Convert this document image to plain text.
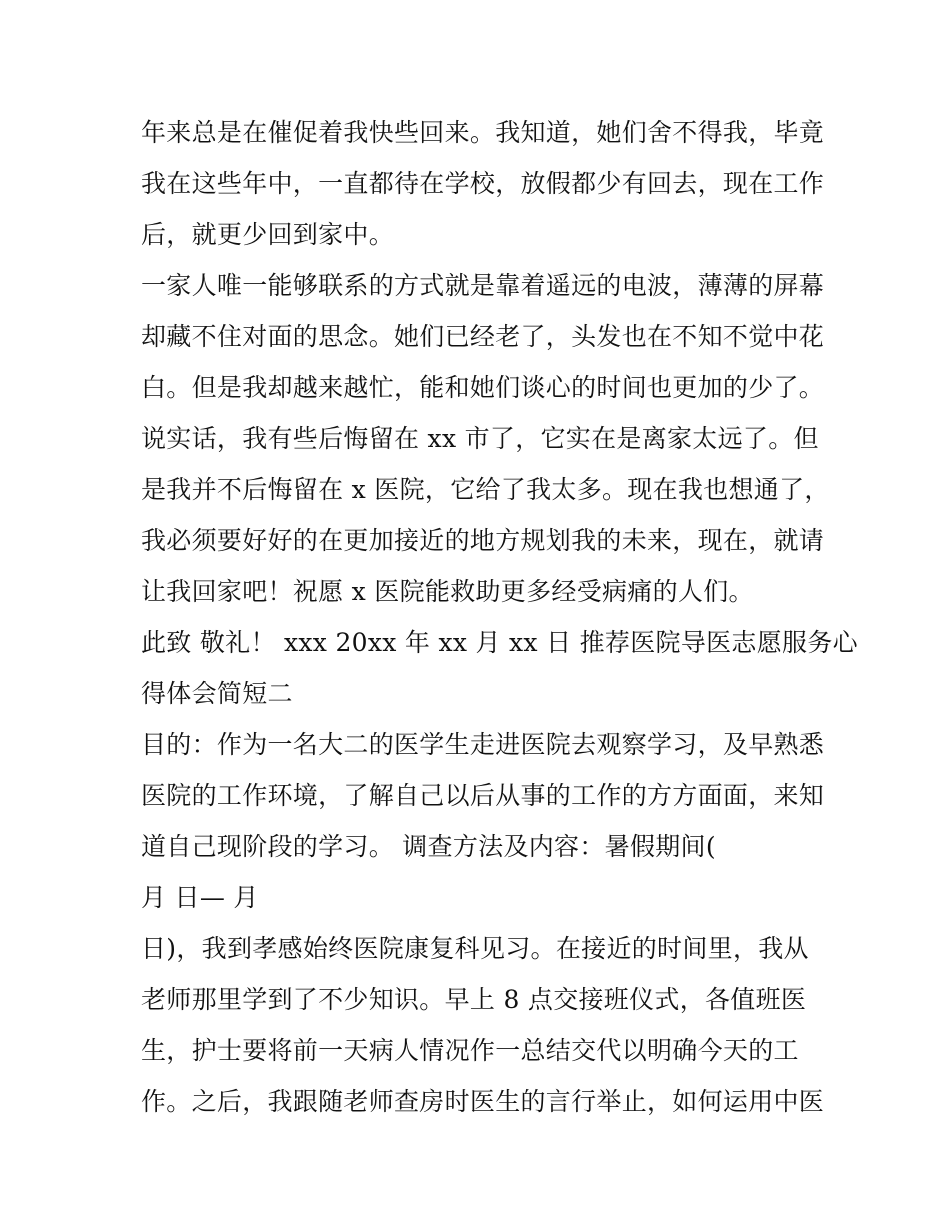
年来总是在催促着我快些回来。我知道，她们舍不得我，毕竟
我在这些年中，一直都待在学校，放假都少有回去，现在工作
后，就更少回到家中。
一家人唯一能够联系的方式就是靠着遥远的电波，薄薄的屏幕
却藏不住对面的思念。她们已经老了，头发也在不知不觉中花
白。但是我却越来越忙，能和她们谈心的时间也更加的少了。
说实话，我有些后悔留在 xx 市了，它实在是离家太远了。但
是我并不后悔留在 x 医院，它给了我太多。现在我也想通了，
我必须要好好的在更加接近的地方规划我的未来，现在，就请
让我回家吧！祝愿 x 医院能救助更多经受病痛的人们。
此致 敬礼！ xxx 20xx 年 xx 月 xx 日 推荐医院导医志愿服务心
得体会简短二
目的：作为一名大二的医学生走进医院去观察学习，及早熟悉
医院的工作环境，了解自己以后从事的工作的方方面面，来知
道自己现阶段的学习。 调查方法及内容：暑假期间(
月 日— 月
日)，我到孝感始终医院康复科见习。在接近的时间里，我从
老师那里学到了不少知识。早上 8 点交接班仪式，各值班医
生，护士要将前一天病人情况作一总结交代以明确今天的工
作。之后，我跟随老师查房时医生的言行举止，如何运用中医
